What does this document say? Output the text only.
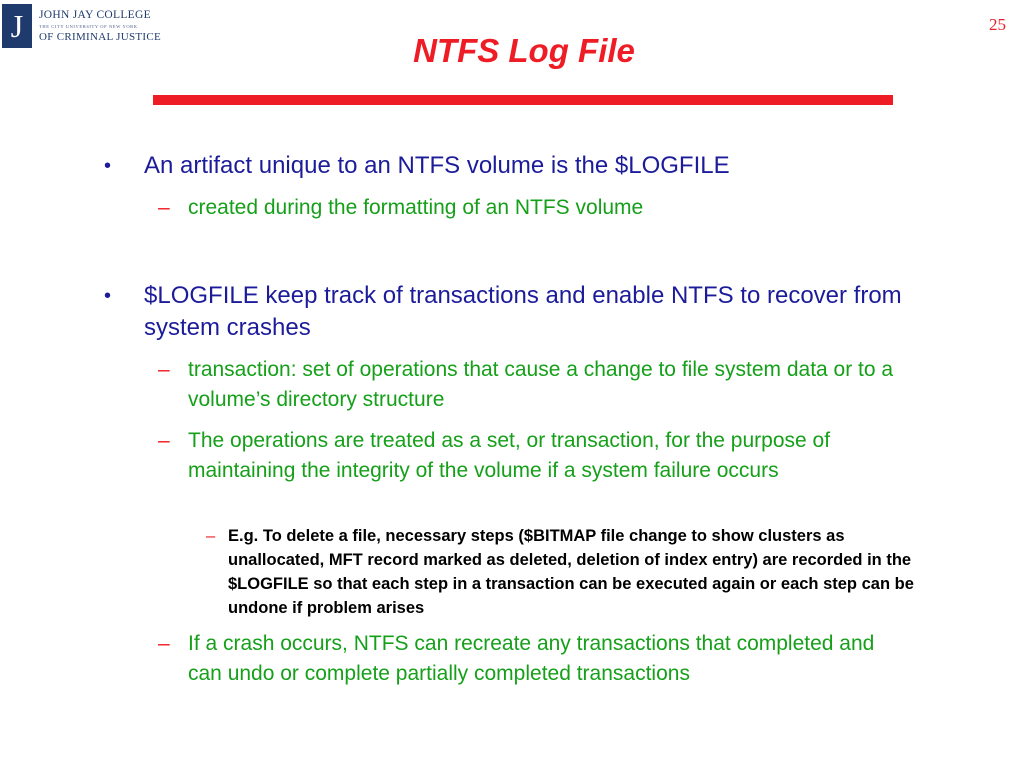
J JOHN JAY COLLEGE
THE CITY UNIVERSITY OF NEW YORK
OF CRIMINAL JUSTICE
25
NTFS Log File
• An artifact unique to an NTFS volume is the $LOGFILE
– created during the formatting of an NTFS volume
• $LOGFILE keep track of transactions and enable NTFS to recover from system crashes
– transaction: set of operations that cause a change to file system data or to a volume’s directory structure
– The operations are treated as a set, or transaction, for the purpose of maintaining the integrity of the volume if a system failure occurs
– E.g. To delete a file, necessary steps ($BITMAP file change to show clusters as unallocated, MFT record marked as deleted, deletion of index entry) are recorded in the $LOGFILE so that each step in a transaction can be executed again or each step can be undone if problem arises
– If a crash occurs, NTFS can recreate any transactions that completed and can undo or complete partially completed transactions
